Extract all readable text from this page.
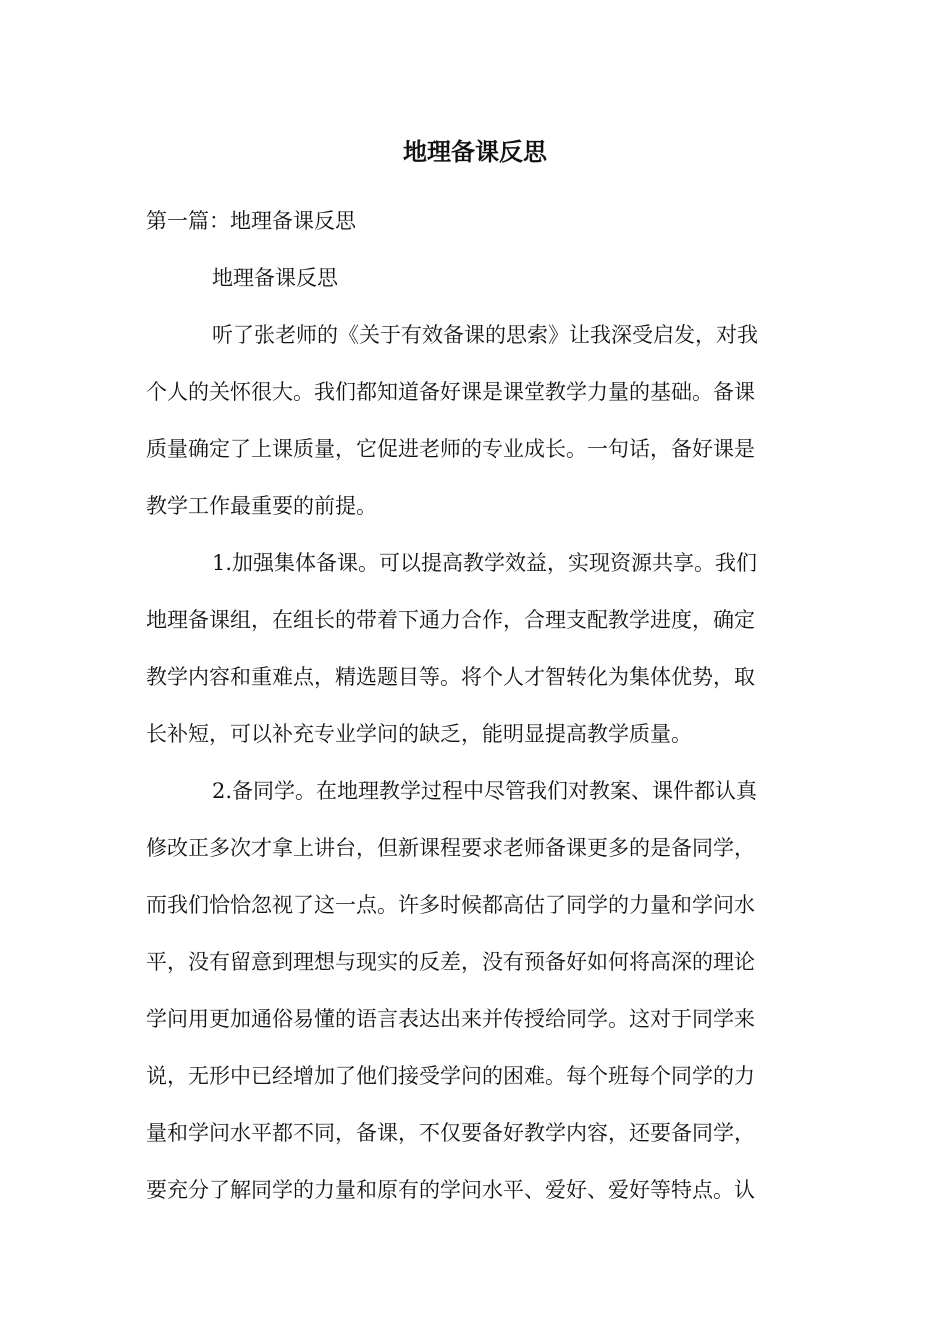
地理备课反思
第一篇：地理备课反思
地理备课反思
听了张老师的《关于有效备课的思索》让我深受启发，对我
个人的关怀很大。我们都知道备好课是课堂教学力量的基础。备课
质量确定了上课质量，它促进老师的专业成长。一句话，备好课是
教学工作最重要的前提。
1.加强集体备课。可以提高教学效益，实现资源共享。我们
地理备课组，在组长的带着下通力合作，合理支配教学进度，确定
教学内容和重难点，精选题目等。将个人才智转化为集体优势，取
长补短，可以补充专业学问的缺乏，能明显提高教学质量。
2.备同学。在地理教学过程中尽管我们对教案、课件都认真
修改正多次才拿上讲台，但新课程要求老师备课更多的是备同学，
而我们恰恰忽视了这一点。许多时候都高估了同学的力量和学问水
平，没有留意到理想与现实的反差，没有预备好如何将高深的理论
学问用更加通俗易懂的语言表达出来并传授给同学。这对于同学来
说，无形中已经增加了他们接受学问的困难。每个班每个同学的力
量和学问水平都不同，备课，不仅要备好教学内容，还要备同学，
要充分了解同学的力量和原有的学问水平、爱好、爱好等特点。认
